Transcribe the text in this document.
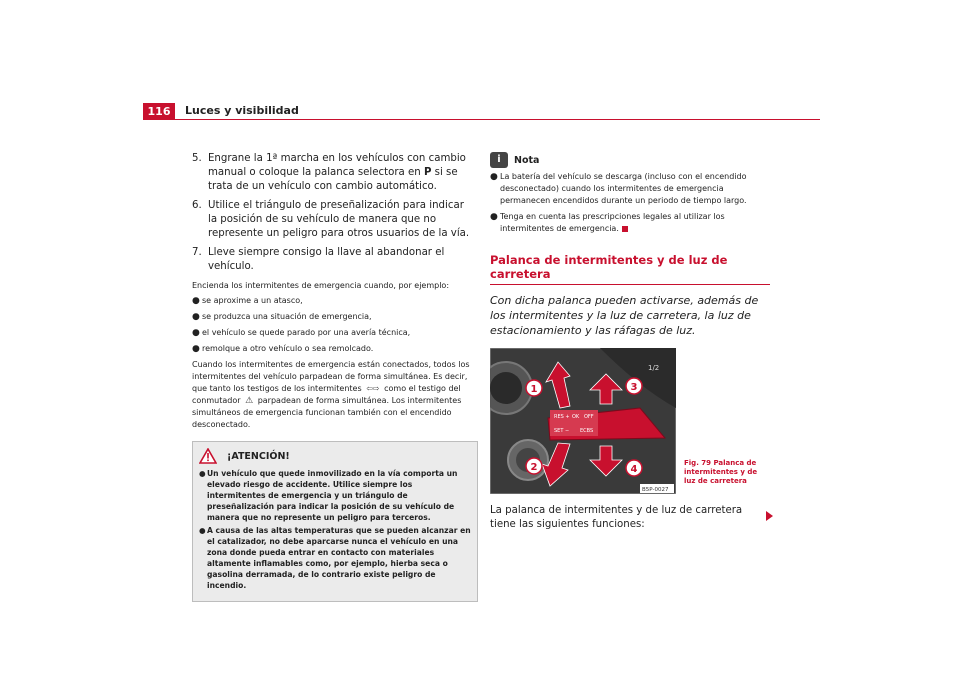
116	Luces y visibilidad
5. Engrane la 1ª marcha en los vehículos con cambio manual o coloque la palanca selectora en P si se trata de un vehículo con cambio automático.
6. Utilice el triángulo de preseñalización para indicar la posición de su vehículo de manera que no represente un peligro para otros usuarios de la vía.
7. Lleve siempre consigo la llave al abandonar el vehículo.

Encienda los intermitentes de emergencia cuando, por ejemplo:

● se aproxime a un atasco,
● se produzca una situación de emergencia,
● el vehículo se quede parado por una avería técnica,
● remolque a otro vehículo o sea remolcado.

Cuando los intermitentes de emergencia están conectados, todos los intermitentes del vehículo parpadean de forma simultánea. Es decir, que tanto los testigos de los intermitentes ⇦⇨ como el testigo del conmutador ⚠ parpadean de forma simultánea. Los intermitentes simultáneos de emergencia funcionan también con el encendido desconectado.

¡ATENCIÓN!
● Un vehículo que quede inmovilizado en la vía comporta un elevado riesgo de accidente. Utilice siempre los intermitentes de emergencia y un triángulo de preseñalización para indicar la posición de su vehículo de manera que no represente un peligro para terceros.
● A causa de las altas temperaturas que se pueden alcanzar en el catalizador, no debe aparcarse nunca el vehículo en una zona donde pueda entrar en contacto con materiales altamente inflamables como, por ejemplo, hierba seca o gasolina derramada, de lo contrario existe peligro de incendio.
i	Nota
● La batería del vehículo se descarga (incluso con el encendido desconectado) cuando los intermitentes de emergencia permanecen encendidos durante un periodo de tiempo largo.
● Tenga en cuenta las prescripciones legales al utilizar los intermitentes de emergencia.
Palanca de intermitentes y de luz de carretera
Con dicha palanca pueden activarse, además de los intermitentes y la luz de carretera, la luz de estacionamiento y las ráfagas de luz.
1/2
RES + OK OFF
SET − ECBS
1
2
3
4
B5P-0027
Fig. 79 Palanca de intermitentes y de luz de carretera
La palanca de intermitentes y de luz de carretera tiene las siguientes funciones:
